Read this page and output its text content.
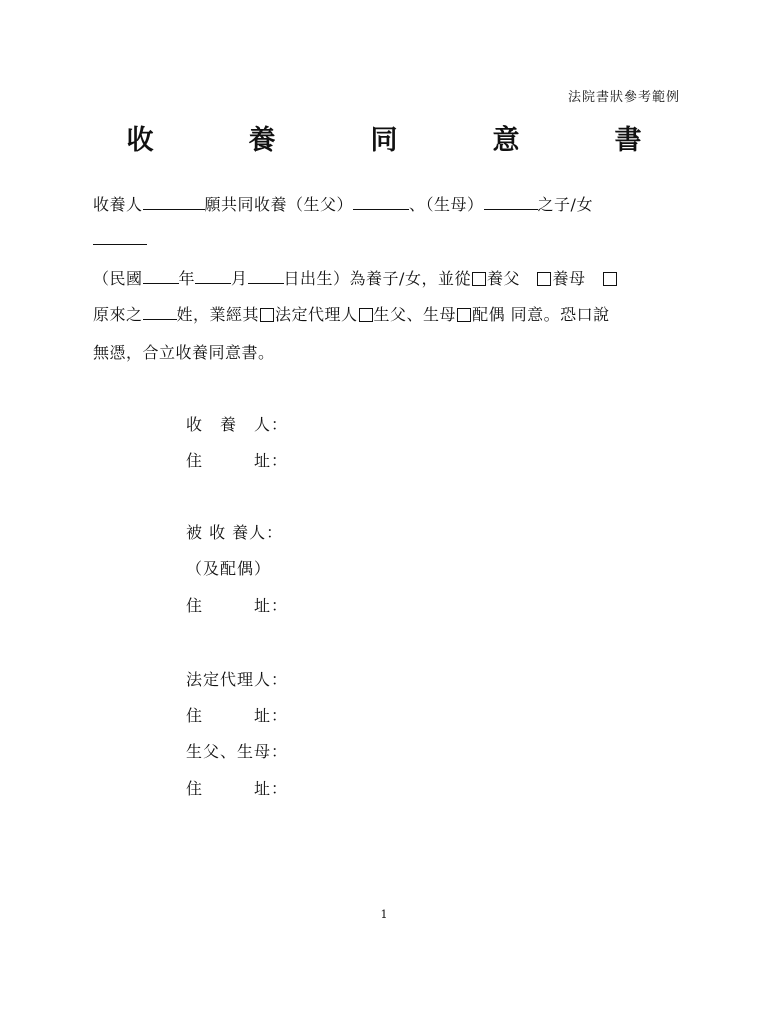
法院書狀參考範例
收　養　同　意　書
收養人	願共同收養（生父）	、（生母）	之子/女
（民國 年 月 日出生）為養子/女，並從 養父　養母　
原來之 姓，業經其 法定代理人 生父、生母 配偶 同意。恐口說
無憑，合立收養同意書。
收　養　人：
住　　　址：
被 收 養人：
（及配偶）
住　　　址：
法定代理人：
住　　　址：
生父、生母：
住　　　址：
1
